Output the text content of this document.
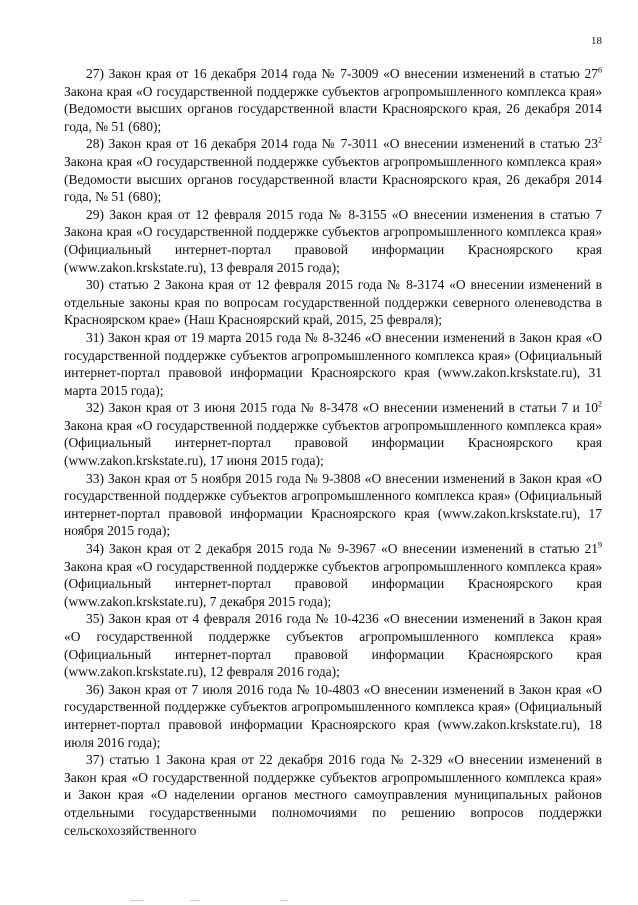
18

27) Закон края от 16 декабря 2014 года № 7-3009 «О внесении изменений в статью $27^6$ Закона края «О государственной поддержке субъектов агропромышленного комплекса края» (Ведомости высших органов государственной власти Красноярского края, 26 декабря 2014 года, № 51 (680);

28) Закон края от 16 декабря 2014 года № 7-3011 «О внесении изменений в статью $23^2$ Закона края «О государственной поддержке субъектов агропромышленного комплекса края» (Ведомости высших органов государственной власти Красноярского края, 26 декабря 2014 года, № 51 (680);

29) Закон края от 12 февраля 2015 года № 8-3155 «О внесении изменения в статью 7 Закона края «О государственной поддержке субъектов агропромышленного комплекса края» (Официальный интернет-портал правовой информации Красноярского края (www.zakon.krskstate.ru), 13 февраля 2015 года);

30) статью 2 Закона края от 12 февраля 2015 года № 8-3174 «О внесении изменений в отдельные законы края по вопросам государственной поддержки северного оленеводства в Красноярском крае» (Наш Красноярский край, 2015, 25 февраля);

31) Закон края от 19 марта 2015 года № 8-3246 «О внесении изменений в Закон края «О государственной поддержке субъектов агропромышленного комплекса края» (Официальный интернет-портал правовой информации Красноярского края (www.zakon.krskstate.ru), 31 марта 2015 года);

32) Закон края от 3 июня 2015 года № 8-3478 «О внесении изменений в статьи 7 и $10^2$ Закона края «О государственной поддержке субъектов агропромышленного комплекса края» (Официальный интернет-портал правовой информации Красноярского края (www.zakon.krskstate.ru), 17 июня 2015 года);

33) Закон края от 5 ноября 2015 года № 9-3808 «О внесении изменений в Закон края «О государственной поддержке субъектов агропромышленного комплекса края» (Официальный интернет-портал правовой информации Красноярского края (www.zakon.krskstate.ru), 17 ноября 2015 года);

34) Закон края от 2 декабря 2015 года № 9-3967 «О внесении изменений в статью $21^9$ Закона края «О государственной поддержке субъектов агропромышленного комплекса края» (Официальный интернет-портал правовой информации Красноярского края (www.zakon.krskstate.ru), 7 декабря 2015 года);

35) Закон края от 4 февраля 2016 года № 10-4236 «О внесении изменений в Закон края «О государственной поддержке субъектов агропромышленного комплекса края» (Официальный интернет-портал правовой информации Красноярского края (www.zakon.krskstate.ru), 12 февраля 2016 года);

36) Закон края от 7 июля 2016 года № 10-4803 «О внесении изменений в Закон края «О государственной поддержке субъектов агропромышленного комплекса края» (Официальный интернет-портал правовой информации Красноярского края (www.zakon.krskstate.ru), 18 июля 2016 года);

37) статью 1 Закона края от 22 декабря 2016 года № 2-329 «О внесении изменений в Закон края «О государственной поддержке субъектов агропромышленного комплекса края» и Закон края «О наделении органов местного самоуправления муниципальных районов отдельными государственными полномочиями по решению вопросов поддержки сельскохозяйственного
